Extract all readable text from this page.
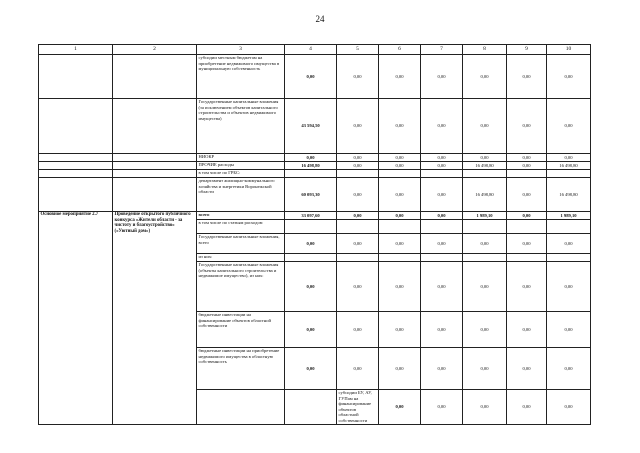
24
1	2	3	4	5	6	7	8	9	10	
		субсидии местным бюджетам на приобретение недвижимого имущества в муниципальную собственность	0,00	0,00	0,00	0,00	0,00	0,00	0,00	
		Государственные капитальные вложения (за исключением объектов капитального строительства и объектов недвижимого имущества)	43 594,50	0,00	0,00	0,00	0,00	0,00	0,00	
		НИОКР	0,00	0,00	0,00	0,00	0,00	0,00	0,00	
		ПРОЧИЕ расходы	16 498,80	0,00	0,00	0,00	16 498,80	0,00	16 498,80	
		в том числе по ГРБС:								
		департамент жилищно-коммунального хозяйства и энергетики Воронежской области	60 093,30	0,00	0,00	0,00	16 498,80	0,00	16 498,80	
Основное мероприятие 2.7	Проведение открытого публичного конкурса «Жители области - за чистоту и благоустройство» («Уютный дом»)	всего	33 097,60	0,00	0,00	0,00	1 989,10	0,00	1 989,10	
		в том числе по статьям расходов:								
		Государственные капитальные вложения, всего	0,00	0,00	0,00	0,00	0,00	0,00	0,00	
		из них:								
		Государственные капитальные вложения (объекты капитального строительства и недвижимое имущество), из них:	0,00	0,00	0,00	0,00	0,00	0,00	0,00	
		бюджетные инвестиции на финансирование объектов областной собственности	0,00	0,00	0,00	0,00	0,00	0,00	0,00	
		бюджетные инвестиции на приобретение недвижимого имущества в областную собственность	0,00	0,00	0,00	0,00	0,00	0,00	0,00	
				субсидии БУ, АУ, ГУПам на финансирование объектов областной собственности	0,00	0,00	0,00	0,00	0,00		
